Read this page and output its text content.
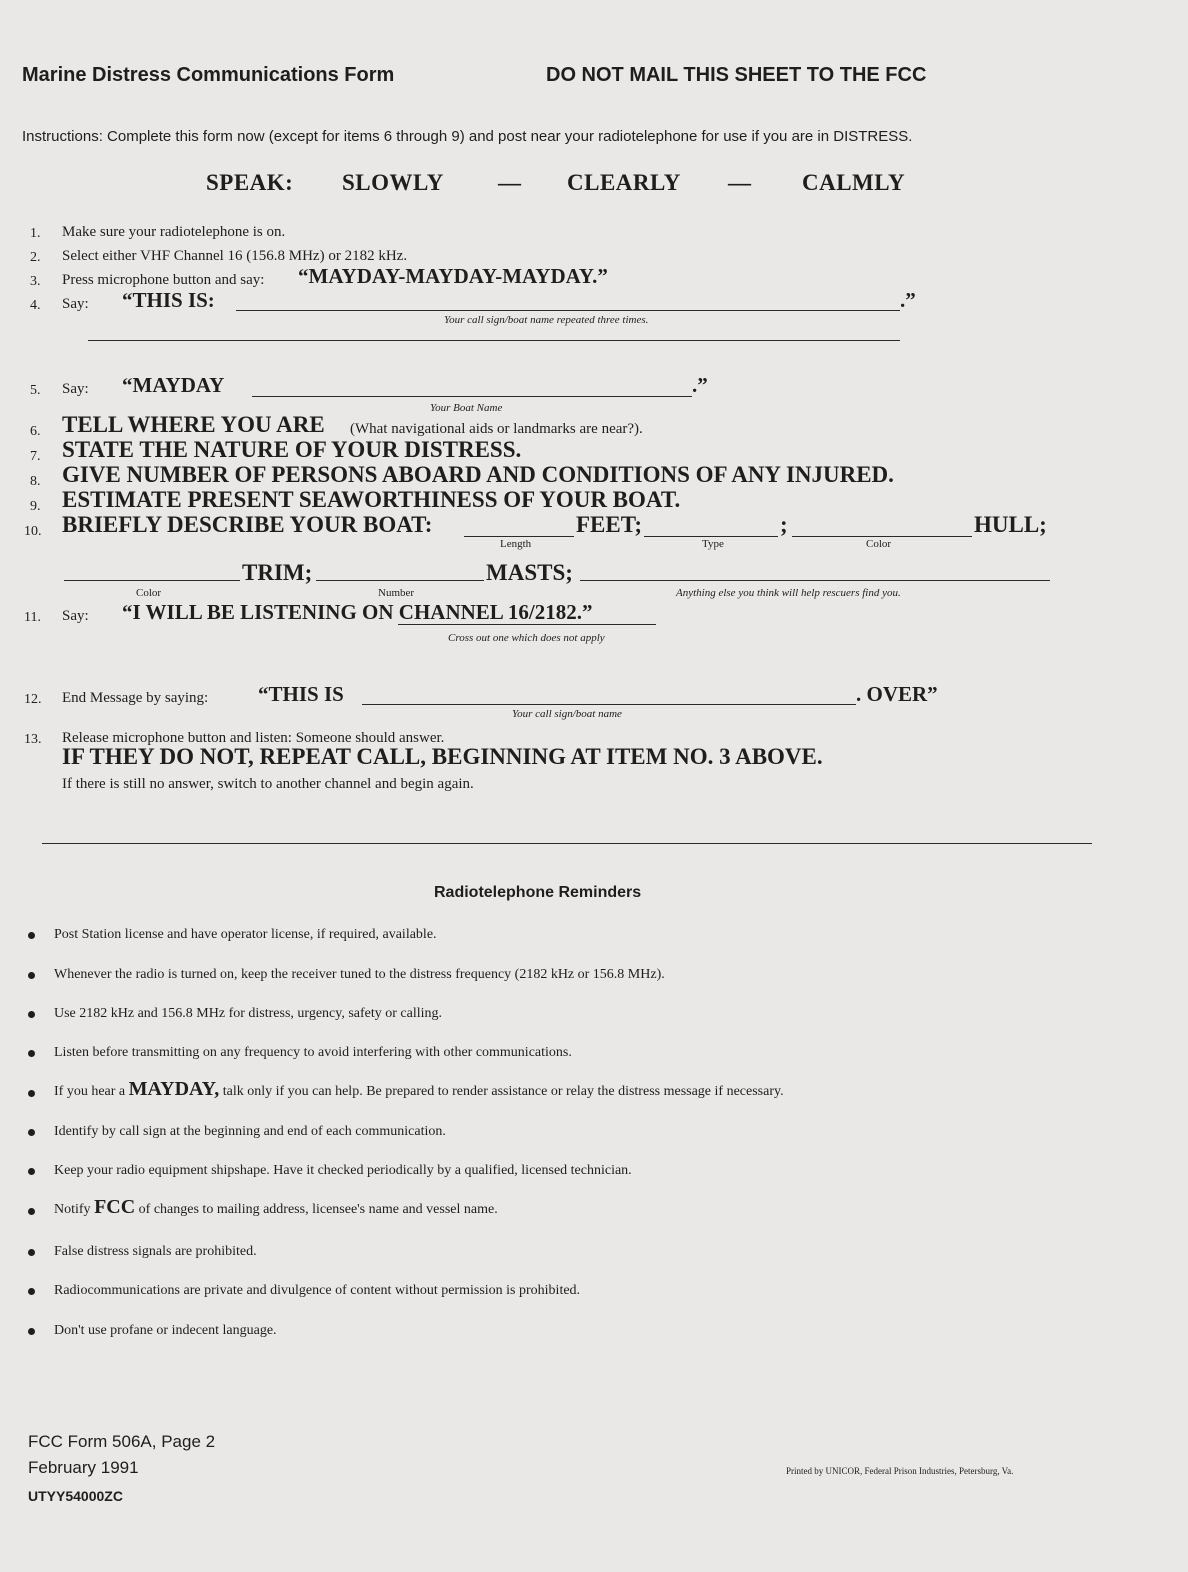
Marine Distress Communications Form	DO NOT MAIL THIS SHEET TO THE FCC
Instructions: Complete this form now (except for items 6 through 9) and post near your radiotelephone for use if you are in DISTRESS.
SPEAK: SLOWLY — CLEARLY — CALMLY
1. Make sure your radiotelephone is on.
2. Select either VHF Channel 16 (156.8 MHz) or 2182 kHz.
3. Press microphone button and say: “MAYDAY-MAYDAY-MAYDAY.”
4. Say: “THIS IS:	.”
Your call sign/boat name repeated three times.
5. Say: “MAYDAY	.”
Your Boat Name
6. TELL WHERE YOU ARE (What navigational aids or landmarks are near?).
7. STATE THE NATURE OF YOUR DISTRESS.
8. GIVE NUMBER OF PERSONS ABOARD AND CONDITIONS OF ANY INJURED.
9. ESTIMATE PRESENT SEAWORTHINESS OF YOUR BOAT.
10. BRIEFLY DESCRIBE YOUR BOAT:	FEET;	;	HULL;
Length	Type	Color
TRIM;	MASTS;
Color	Number	Anything else you think will help rescuers find you.
11. Say: “I WILL BE LISTENING ON CHANNEL 16/2182.”
Cross out one which does not apply
12. End Message by saying: “THIS IS	. OVER”
Your call sign/boat name
13. Release microphone button and listen: Someone should answer.
IF THEY DO NOT, REPEAT CALL, BEGINNING AT ITEM NO. 3 ABOVE.
If there is still no answer, switch to another channel and begin again.
Radiotelephone Reminders
Post Station license and have operator license, if required, available.
Whenever the radio is turned on, keep the receiver tuned to the distress frequency (2182 kHz or 156.8 MHz).
Use 2182 kHz and 156.8 MHz for distress, urgency, safety or calling.
Listen before transmitting on any frequency to avoid interfering with other communications.
If you hear a MAYDAY, talk only if you can help. Be prepared to render assistance or relay the distress message if necessary.
Identify by call sign at the beginning and end of each communication.
Keep your radio equipment shipshape. Have it checked periodically by a qualified, licensed technician.
Notify FCC of changes to mailing address, licensee's name and vessel name.
False distress signals are prohibited.
Radiocommunications are private and divulgence of content without permission is prohibited.
Don't use profane or indecent language.
FCC Form 506A, Page 2
February 1991
UTYY54000ZC
Printed by UNICOR, Federal Prison Industries, Petersburg, Va.
